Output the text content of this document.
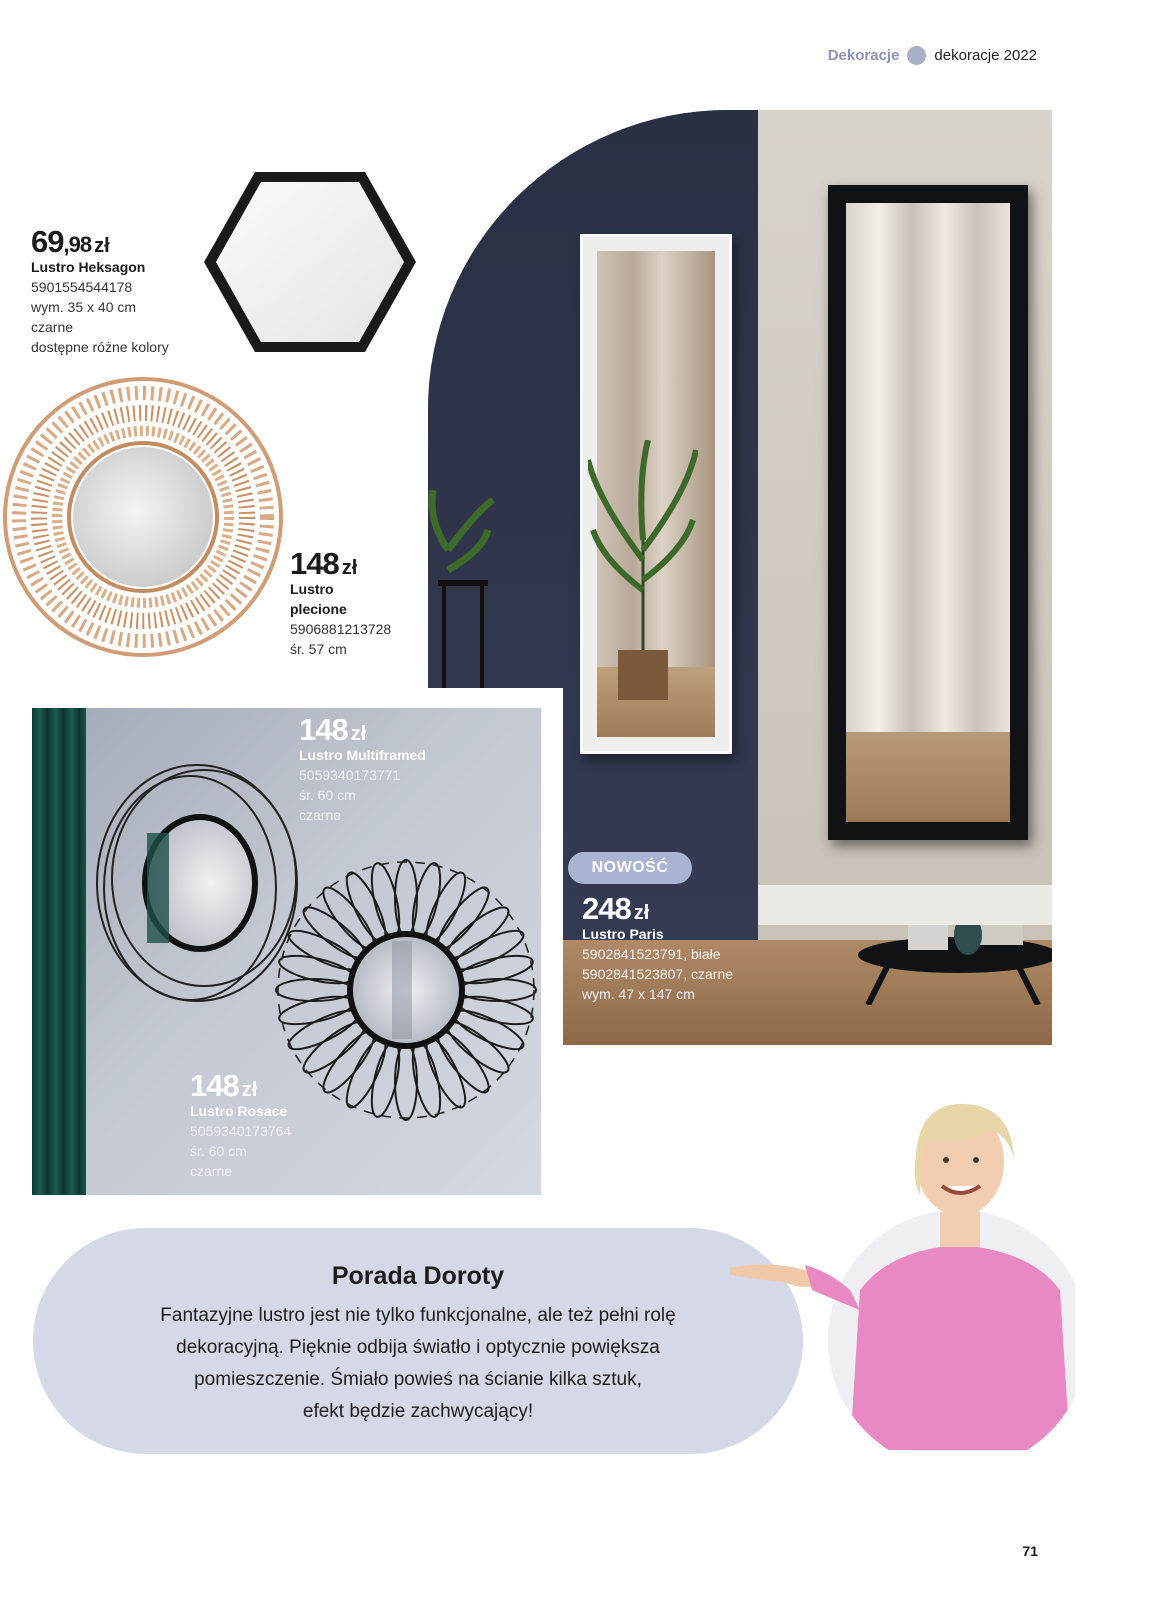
Dekoracje dekoracje 2022
69,98 zł
Lustro Heksagon
5901554544178
wym. 35 x 40 cm
czarne
dostępne różne kolory
148 zł
Lustro
plecione
5906881213728
śr. 57 cm
NOWOŚĆ
248 zł
Lustro Paris
5902841523791, białe
5902841523807, czarne
wym. 47 x 147 cm
148 zł
Lustro Multiframed
5059340173771
śr. 60 cm
czarne
148 zł
Lustro Rosace
5059340173764
śr. 60 cm
czarne
Porada Doroty
Fantazyjne lustro jest nie tylko funkcjonalne, ale też pełni rolę
dekoracyjną. Pięknie odbija światło i optycznie powiększa
pomieszczenie. Śmiało powieś na ścianie kilka sztuk,
efekt będzie zachwycający!
71
